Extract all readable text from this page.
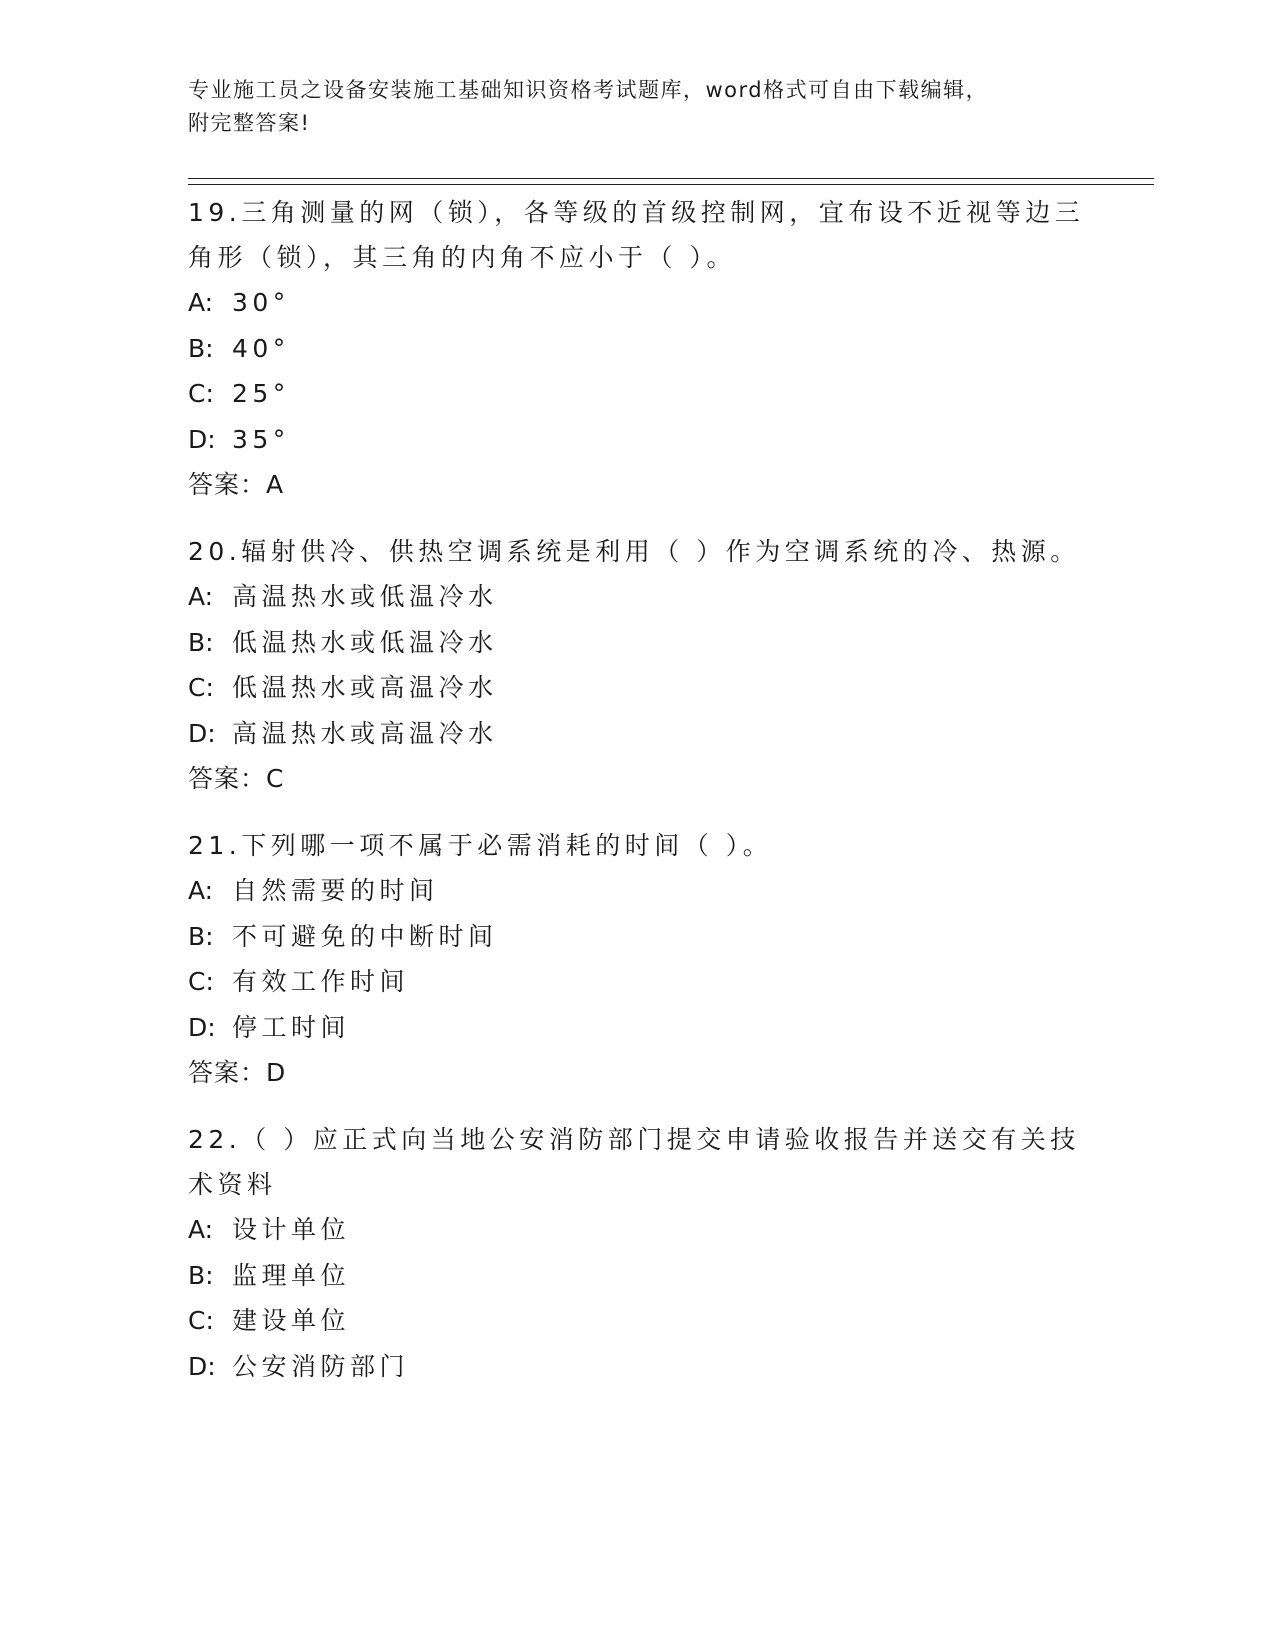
专业施工员之设备安装施工基础知识资格考试题库，word格式可自由下载编辑，
附完整答案!
19.三角测量的网（锁），各等级的首级控制网，宜布设不近视等边三角形（锁），其三角的内角不应小于（ ）。
A: 30°
B: 40°
C: 25°
D: 35°
答案：A
20.辐射供冷、供热空调系统是利用（ ）作为空调系统的冷、热源。
A: 高温热水或低温冷水
B: 低温热水或低温冷水
C: 低温热水或高温冷水
D: 高温热水或高温冷水
答案：C
21.下列哪一项不属于必需消耗的时间（ ）。
A: 自然需要的时间
B: 不可避免的中断时间
C: 有效工作时间
D: 停工时间
答案：D
22.（ ）应正式向当地公安消防部门提交申请验收报告并送交有关技术资料
A: 设计单位
B: 监理单位
C: 建设单位
D: 公安消防部门
